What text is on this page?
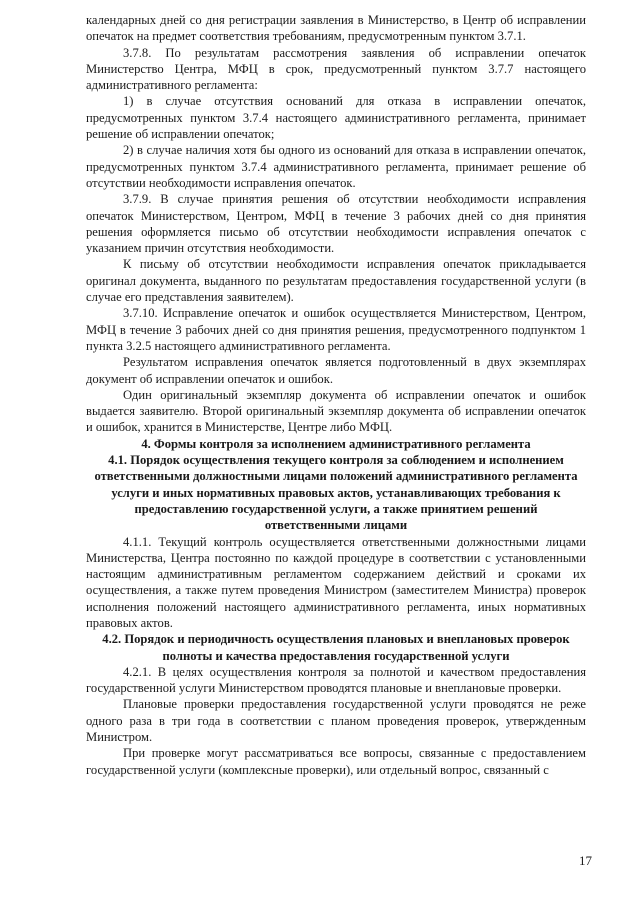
календарных дней со дня регистрации заявления в Министерство, в Центр об исправлении опечаток на предмет соответствия требованиям, предусмотренным пунктом 3.7.1.

3.7.8. По результатам рассмотрения заявления об исправлении опечаток Министерство Центра, МФЦ в срок, предусмотренный пунктом 3.7.7 настоящего административного регламента:

1) в случае отсутствия оснований для отказа в исправлении опечаток, предусмотренных пунктом 3.7.4 настоящего административного регламента, принимает решение об исправлении опечаток;

2) в случае наличия хотя бы одного из оснований для отказа в исправлении опечаток, предусмотренных пунктом 3.7.4 административного регламента, принимает решение об отсутствии необходимости исправления опечаток.

3.7.9. В случае принятия решения об отсутствии необходимости исправления опечаток Министерством, Центром, МФЦ в течение 3 рабочих дней со дня принятия решения оформляется письмо об отсутствии необходимости исправления опечаток с указанием причин отсутствия необходимости.

К письму об отсутствии необходимости исправления опечаток прикладывается оригинал документа, выданного по результатам предоставления государственной услуги (в случае его представления заявителем).

3.7.10. Исправление опечаток и ошибок осуществляется Министерством, Центром, МФЦ в течение 3 рабочих дней со дня принятия решения, предусмотренного подпунктом 1 пункта 3.2.5 настоящего административного регламента.

Результатом исправления опечаток является подготовленный в двух экземплярах документ об исправлении опечаток и ошибок.

Один оригинальный экземпляр документа об исправлении опечаток и ошибок выдается заявителю. Второй оригинальный экземпляр документа об исправлении опечаток и ошибок, хранится в Министерстве, Центре либо МФЦ.

4. Формы контроля за исполнением административного регламента

4.1. Порядок осуществления текущего контроля за соблюдением и исполнением ответственными должностными лицами положений административного регламента услуги и иных нормативных правовых актов, устанавливающих требования к предоставлению государственной услуги, а также принятием решений ответственными лицами

4.1.1. Текущий контроль осуществляется ответственными должностными лицами Министерства, Центра постоянно по каждой процедуре в соответствии с установленными настоящим административным регламентом содержанием действий и сроками их осуществления, а также путем проведения Министром (заместителем Министра) проверок исполнения положений настоящего административного регламента, иных нормативных правовых актов.

4.2. Порядок и периодичность осуществления плановых и внеплановых проверок полноты и качества предоставления государственной услуги

4.2.1. В целях осуществления контроля за полнотой и качеством предоставления государственной услуги Министерством проводятся плановые и внеплановые проверки.

Плановые проверки предоставления государственной услуги проводятся не реже одного раза в три года в соответствии с планом проведения проверок, утвержденным Министром.

При проверке могут рассматриваться все вопросы, связанные с предоставлением государственной услуги (комплексные проверки), или отдельный вопрос, связанный с

17
